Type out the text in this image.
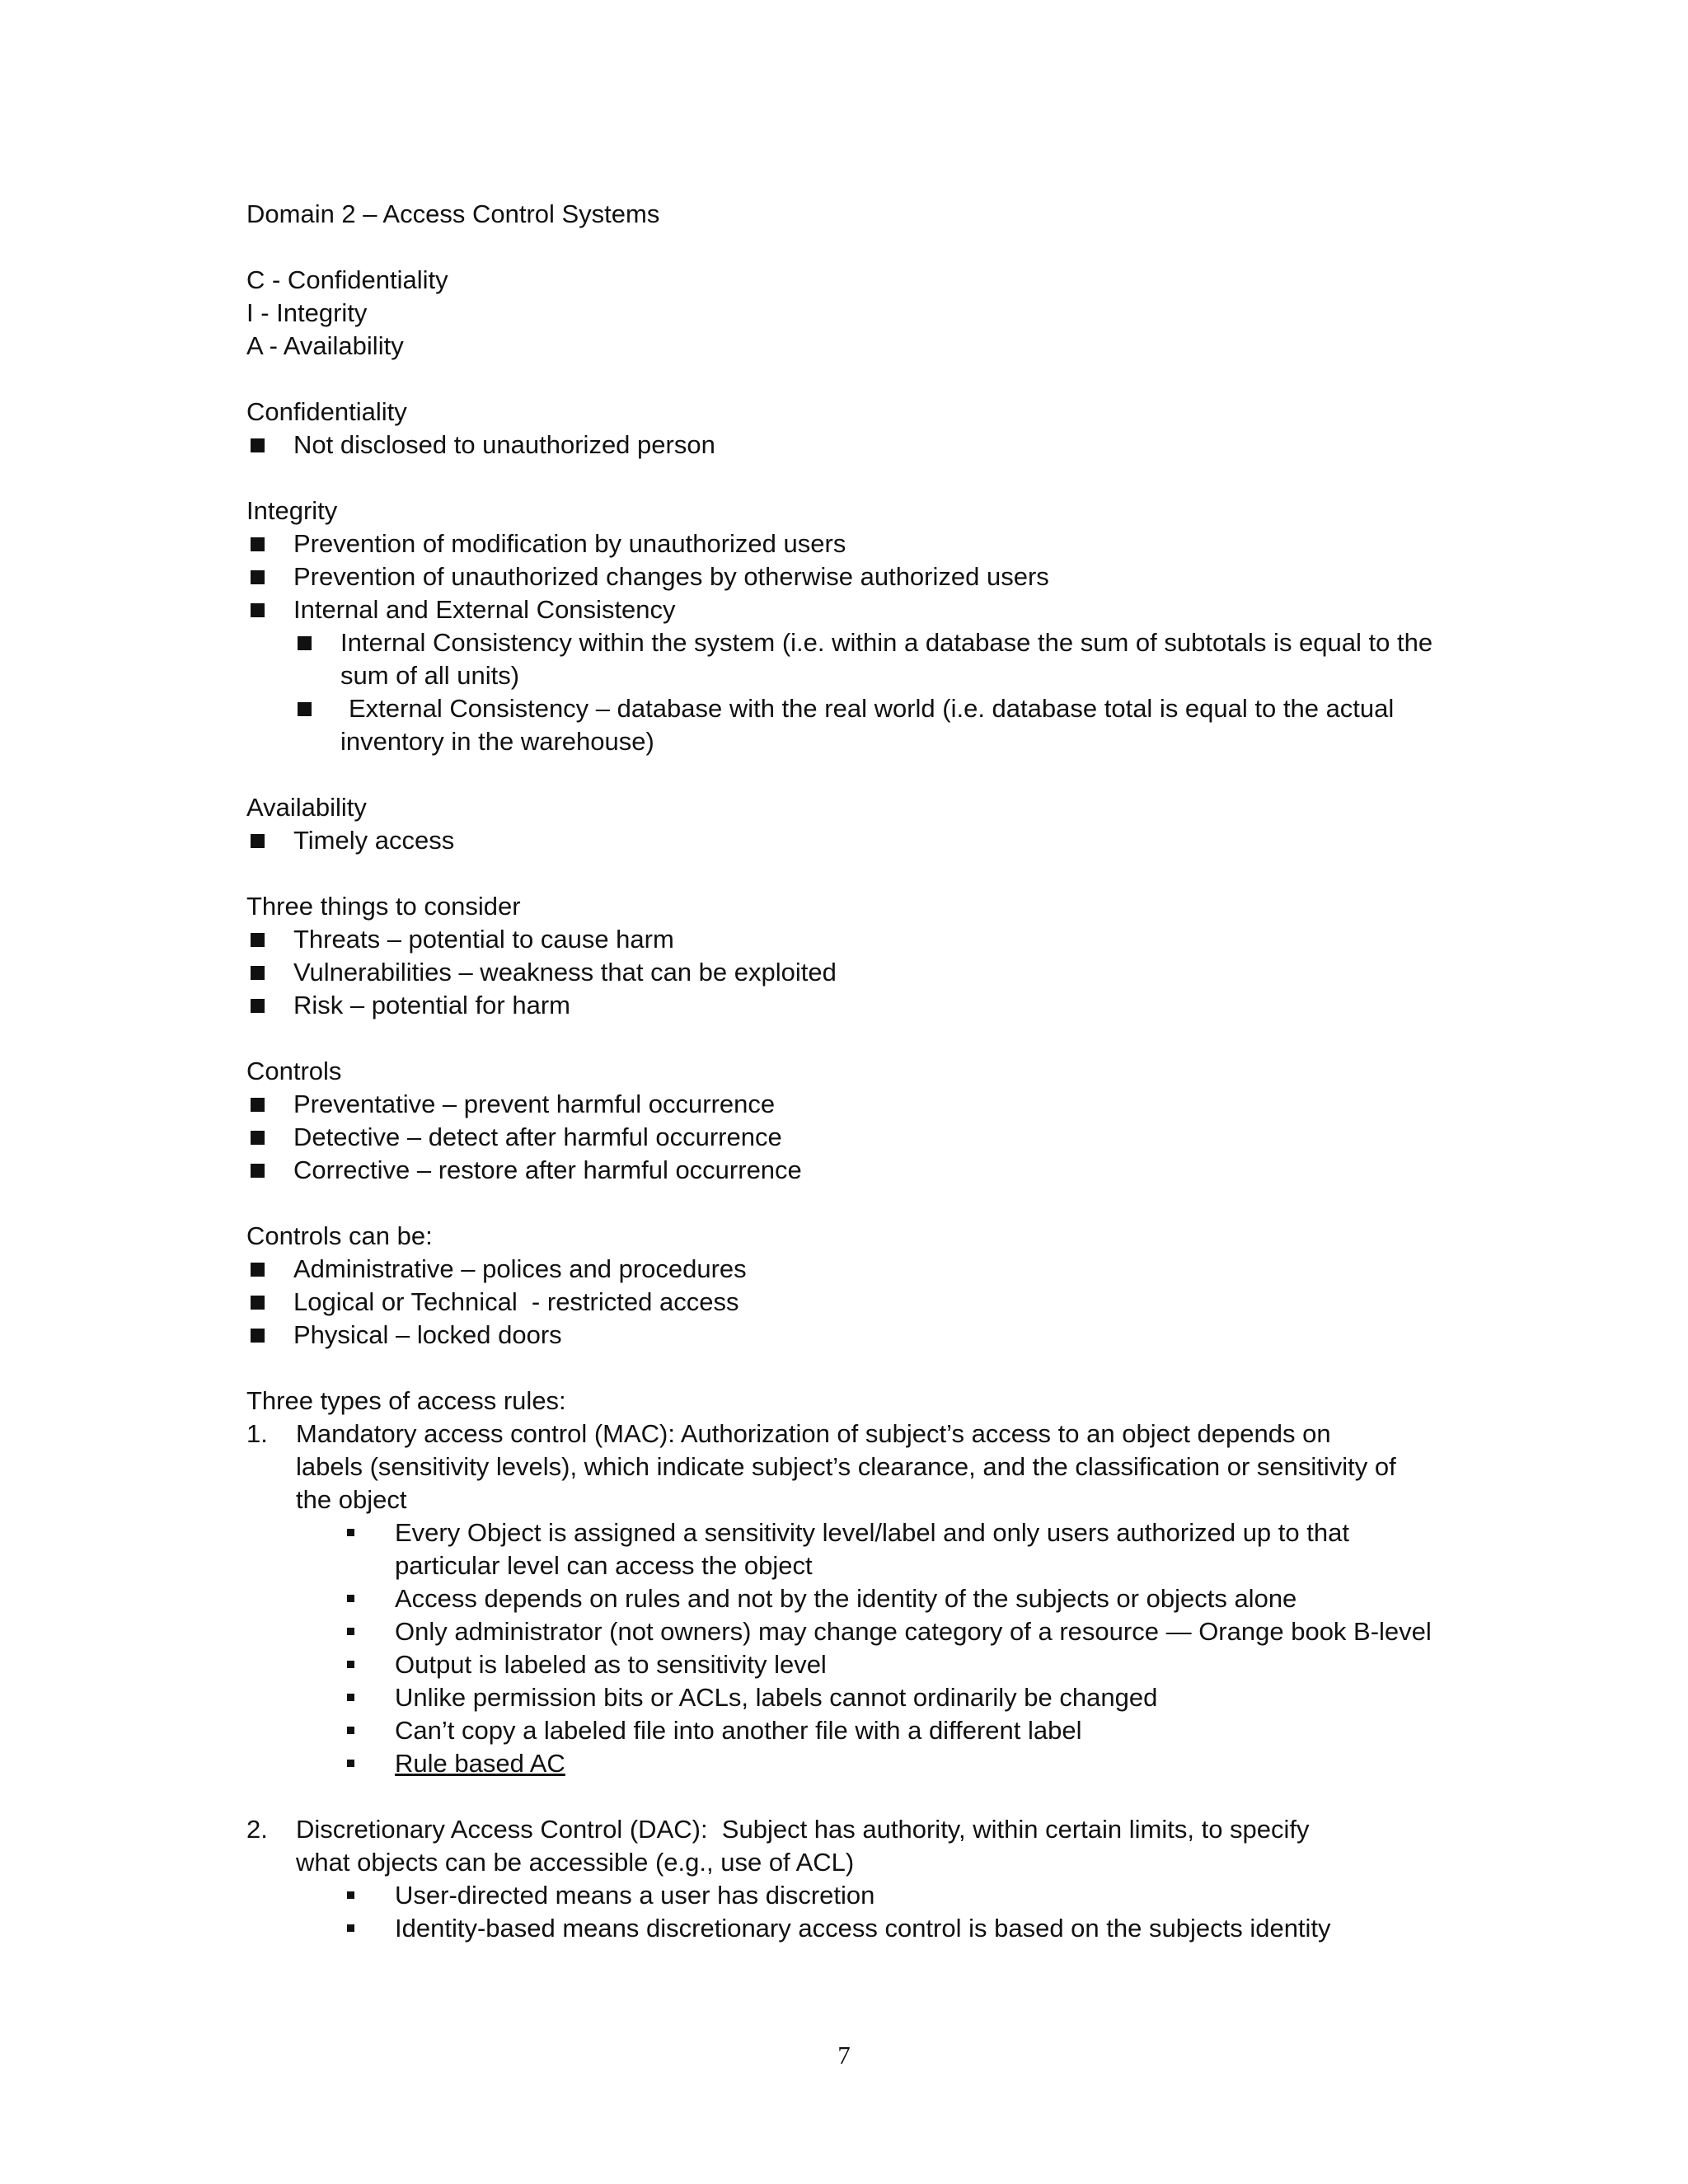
Domain 2 – Access Control Systems
C - Confidentiality
I - Integrity
A - Availability
Confidentiality
Not disclosed to unauthorized person
Integrity
Prevention of modification by unauthorized users
Prevention of unauthorized changes by otherwise authorized users
Internal and External Consistency
Internal Consistency within the system (i.e. within a database the sum of subtotals is equal to the sum of all units)
External Consistency – database with the real world (i.e. database total is equal to the actual inventory in the warehouse)
Availability
Timely access
Three things to consider
Threats – potential to cause harm
Vulnerabilities – weakness that can be exploited
Risk – potential for harm
Controls
Preventative – prevent harmful occurrence
Detective – detect after harmful occurrence
Corrective – restore after harmful occurrence
Controls can be:
Administrative – polices and procedures
Logical or Technical  - restricted access
Physical – locked doors
Three types of access rules:
1. Mandatory access control (MAC): Authorization of subject’s access to an object depends on
labels (sensitivity levels), which indicate subject’s clearance, and the classification or sensitivity of
the object
Every Object is assigned a sensitivity level/label and only users authorized up to that particular level can access the object
Access depends on rules and not by the identity of the subjects or objects alone
Only administrator (not owners) may change category of a resource — Orange book B-level
Output is labeled as to sensitivity level
Unlike permission bits or ACLs, labels cannot ordinarily be changed
Can’t copy a labeled file into another file with a different label
Rule based AC
2. Discretionary Access Control (DAC):  Subject has authority, within certain limits, to specify
what objects can be accessible (e.g., use of ACL)
User-directed means a user has discretion
Identity-based means discretionary access control is based on the subjects identity
7
